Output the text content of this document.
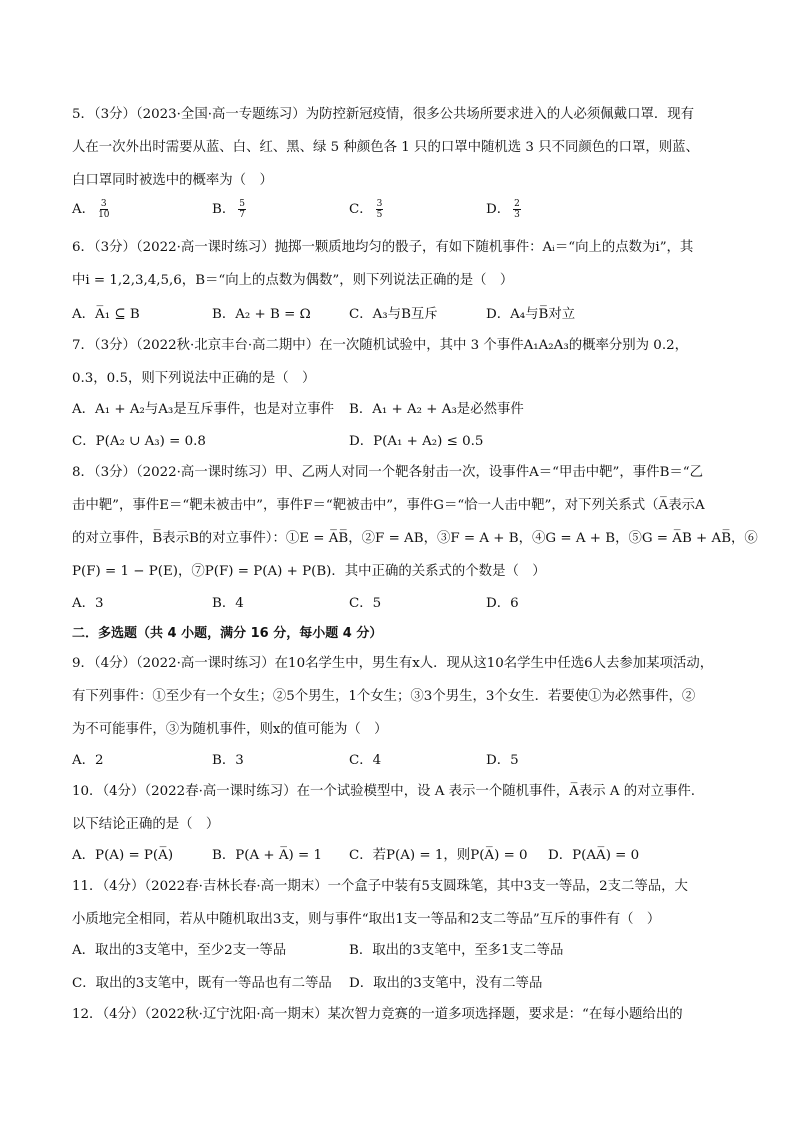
5．（3分）（2023·全国·高一专题练习）为防控新冠疫情，很多公共场所要求进入的人必须佩戴口罩．现有
人在一次外出时需要从蓝、白、红、黑、绿 5 种颜色各 1 只的口罩中随机选 3 只不同颜色的口罩，则蓝、
白口罩同时被选中的概率为（　）
A． $\frac{3}{10}$	B． $\frac{5}{7}$	C． $\frac{3}{5}$	D． $\frac{2}{3}$
6．（3分）（2022·高一课时练习）抛掷一颗质地均匀的骰子，有如下随机事件：Aᵢ＝“向上的点数为i”，其
中i = 1,2,3,4,5,6，B＝“向上的点数为偶数”，则下列说法正确的是（　）
A．A̅₁ ⊆ B	B．A₂ + B = Ω	C．A₃与B互斥	D．A₄与B̅对立
7．（3分）（2022秋·北京丰台·高二期中）在一次随机试验中，其中 3 个事件A₁A₂A₃的概率分别为 0.2，
0.3，0.5，则下列说法中正确的是（　）
A．A₁ + A₂与A₃是互斥事件，也是对立事件 B．A₁ + A₂ + A₃是必然事件
C．P(A₂ ∪ A₃) = 0.8	D．P(A₁ + A₂) ≤ 0.5
8．（3分）（2022·高一课时练习）甲、乙两人对同一个靶各射击一次，设事件A＝“甲击中靶”，事件B＝“乙
击中靶”，事件E＝“靶未被击中”，事件F＝“靶被击中”，事件G＝“恰一人击中靶”，对下列关系式（A̅表示A
的对立事件，B̅表示B的对立事件）：①E = A̅B̅，②F = AB，③F = A + B，④G = A + B，⑤G = A̅B + AB̅，⑥
P(F) = 1 − P(E)，⑦P(F) = P(A) + P(B)．其中正确的关系式的个数是（　）
A．3	B．4	C．5	D．6
二．多选题（共 4 小题，满分 16 分，每小题 4 分）
9．（4分）（2022·高一课时练习）在10名学生中，男生有x人．现从这10名学生中任选6人去参加某项活动，
有下列事件：①至少有一个女生；②5个男生，1个女生；③3个男生，3个女生．若要使①为必然事件，②
为不可能事件，③为随机事件，则x的值可能为（　）
A．2	B．3	C．4	D．5
10．（4分）（2022春·高一课时练习）在一个试验模型中，设 A 表示一个随机事件，A̅表示 A 的对立事件.
以下结论正确的是（　）
A．P(A) = P(A̅)	B．P(A + A̅) = 1 C．若P(A) = 1，则P(A̅) = 0 D．P(AA̅) = 0
11．（4分）（2022春·吉林长春·高一期末）一个盒子中装有5支圆珠笔，其中3支一等品，2支二等品，大
小质地完全相同，若从中随机取出3支，则与事件“取出1支一等品和2支二等品”互斥的事件有（　）
A．取出的3支笔中，至少2支一等品	B．取出的3支笔中，至多1支二等品
C．取出的3支笔中，既有一等品也有二等品 D．取出的3支笔中，没有二等品
12．（4分）（2022秋·辽宁沈阳·高一期末）某次智力竞赛的一道多项选择题，要求是：“在每小题给出的
